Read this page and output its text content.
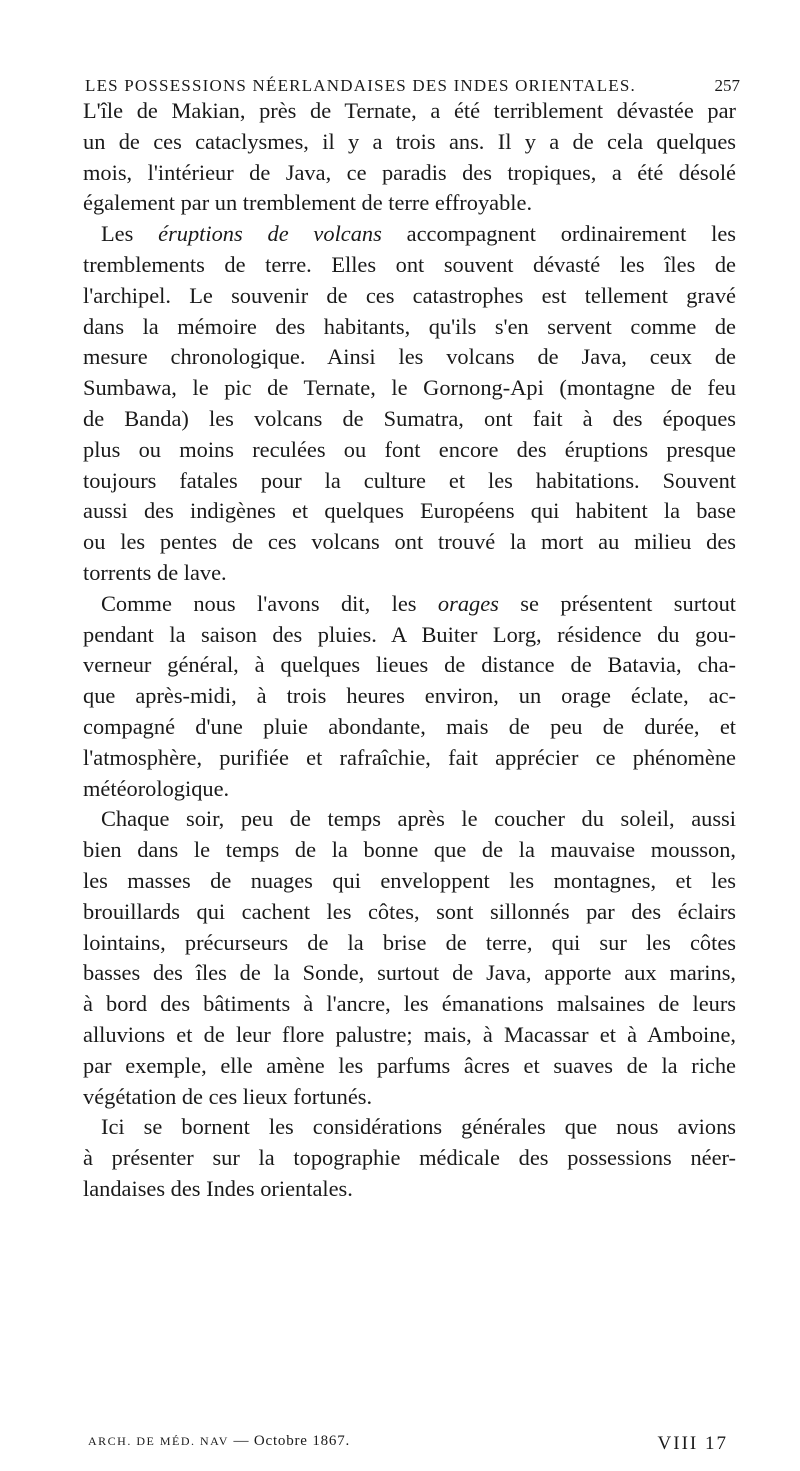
LES POSSESSIONS NÉERLANDAISES DES INDES ORIENTALES.	257

L'île de Makian, près de Ternate, a été terriblement dévastée par
un de ces cataclysmes, il y a trois ans. Il y a de cela quelques
mois, l'intérieur de Java, ce paradis des tropiques, a été désolé
également par un tremblement de terre effroyable.

Les éruptions de volcans accompagnent ordinairement les
tremblements de terre. Elles ont souvent dévasté les îles de
l'archipel. Le souvenir de ces catastrophes est tellement gravé
dans la mémoire des habitants, qu'ils s'en servent comme de
mesure chronologique. Ainsi les volcans de Java, ceux de
Sumbawa, le pic de Ternate, le Gornong-Api (montagne de feu
de Banda) les volcans de Sumatra, ont fait à des époques
plus ou moins reculées ou font encore des éruptions presque
toujours fatales pour la culture et les habitations. Souvent
aussi des indigènes et quelques Européens qui habitent la base
ou les pentes de ces volcans ont trouvé la mort au milieu des
torrents de lave.

Comme nous l'avons dit, les orages se présentent surtout
pendant la saison des pluies. A Buiter Lorg, résidence du gou-
verneur général, à quelques lieues de distance de Batavia, cha-
que après-midi, à trois heures environ, un orage éclate, ac-
compagné d'une pluie abondante, mais de peu de durée, et
l'atmosphère, purifiée et rafraîchie, fait apprécier ce phénomène
météorologique.

Chaque soir, peu de temps après le coucher du soleil, aussi
bien dans le temps de la bonne que de la mauvaise mousson,
les masses de nuages qui enveloppent les montagnes, et les
brouillards qui cachent les côtes, sont sillonnés par des éclairs
lointains, précurseurs de la brise de terre, qui sur les côtes
basses des îles de la Sonde, surtout de Java, apporte aux marins,
à bord des bâtiments à l'ancre, les émanations malsaines de leurs
alluvions et de leur flore palustre; mais, à Macassar et à Amboine,
par exemple, elle amène les parfums âcres et suaves de la riche
végétation de ces lieux fortunés.

Ici se bornent les considérations générales que nous avions
à présenter sur la topographie médicale des possessions néer-
landaises des Indes orientales.

ARCH. DE MÉD. NAV — Octobre 1867.	VIII 17
